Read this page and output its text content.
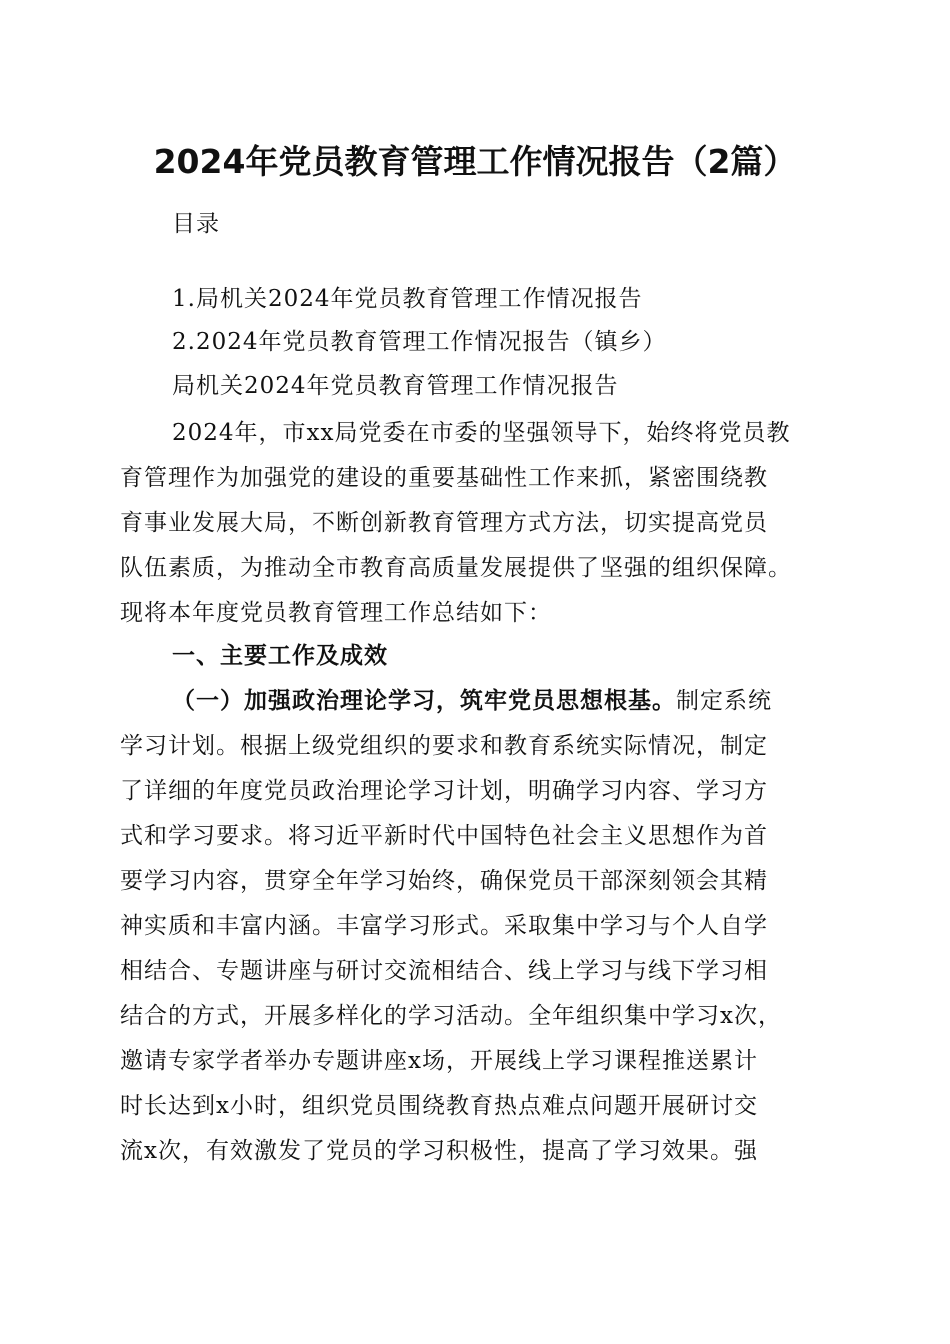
2024年党员教育管理工作情况报告（2篇）
目录
1.局机关2024年党员教育管理工作情况报告
2.2024年党员教育管理工作情况报告（镇乡）
局机关2024年党员教育管理工作情况报告
2024年，市xx局党委在市委的坚强领导下，始终将党员教
育管理作为加强党的建设的重要基础性工作来抓，紧密围绕教
育事业发展大局，不断创新教育管理方式方法，切实提高党员
队伍素质，为推动全市教育高质量发展提供了坚强的组织保障。
现将本年度党员教育管理工作总结如下：
一、主要工作及成效
（一）加强政治理论学习，筑牢党员思想根基。制定系统
学习计划。根据上级党组织的要求和教育系统实际情况，制定
了详细的年度党员政治理论学习计划，明确学习内容、学习方
式和学习要求。将习近平新时代中国特色社会主义思想作为首
要学习内容，贯穿全年学习始终，确保党员干部深刻领会其精
神实质和丰富内涵。丰富学习形式。采取集中学习与个人自学
相结合、专题讲座与研讨交流相结合、线上学习与线下学习相
结合的方式，开展多样化的学习活动。全年组织集中学习x次，
邀请专家学者举办专题讲座x场，开展线上学习课程推送累计
时长达到x小时，组织党员围绕教育热点难点问题开展研讨交
流x次，有效激发了党员的学习积极性，提高了学习效果。强
